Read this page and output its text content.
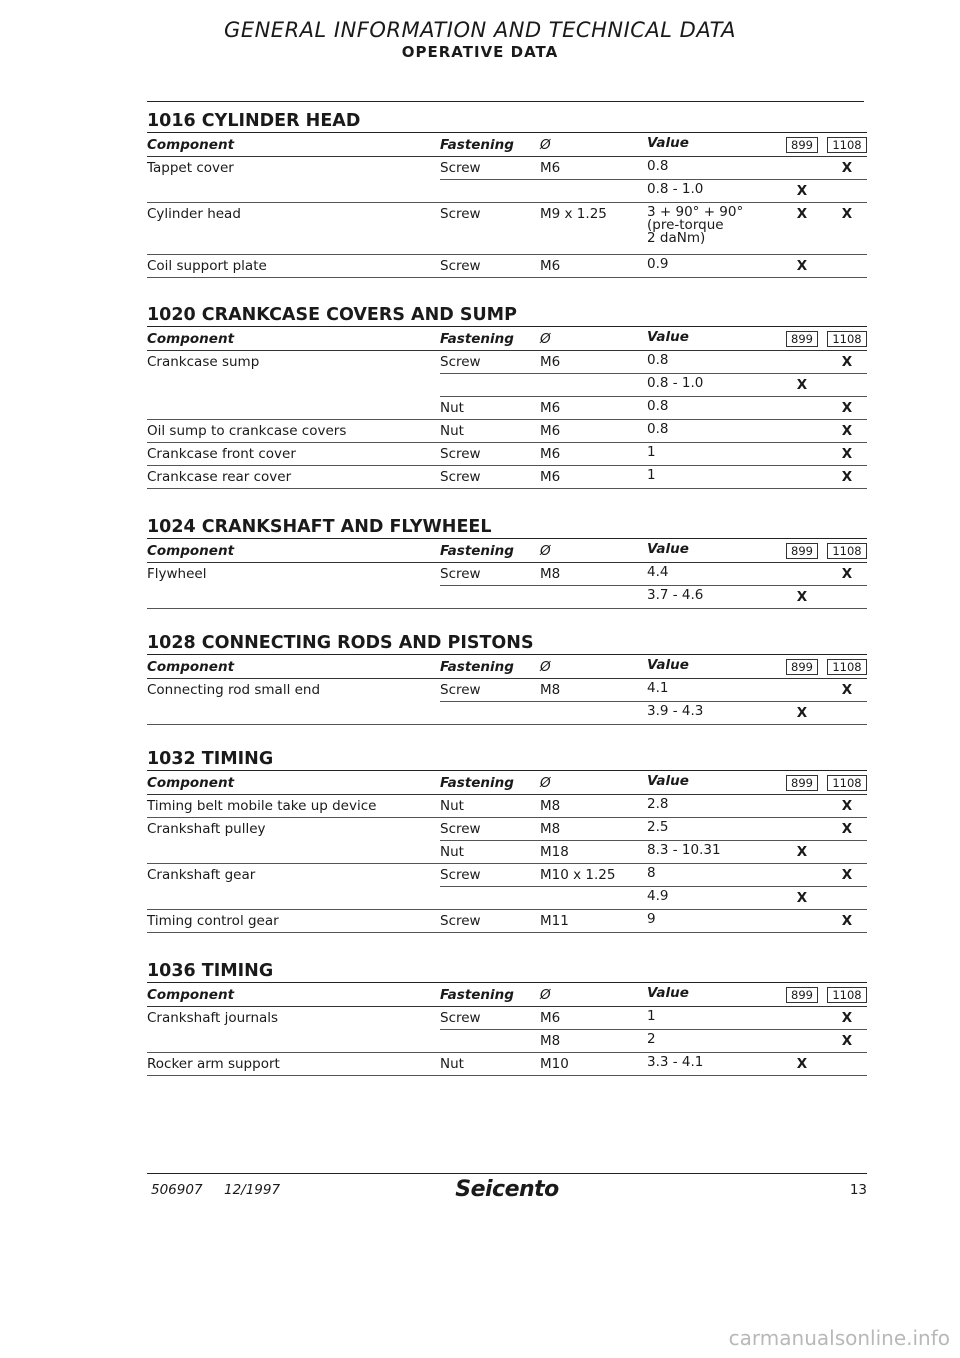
GENERAL INFORMATION AND TECHNICAL DATA
OPERATIVE DATA
1016 CYLINDER HEAD
Component	Fastening	Ø	Value	899	1108
Tappet cover	Screw	M6	0.8		X
			0.8 - 1.0	X	
Cylinder head	Screw	M9 x 1.25	3 + 90° + 90°
(pre-torque
2 daNm)	X	X
Coil support plate	Screw	M6	0.9	X	
1020 CRANKCASE COVERS AND SUMP
Component	Fastening	Ø	Value	899	1108
Crankcase sump	Screw	M6	0.8		X
			0.8 - 1.0	X	
	Nut	M6	0.8		X
Oil sump to crankcase covers	Nut	M6	0.8		X
Crankcase front cover	Screw	M6	1		X
Crankcase rear cover	Screw	M6	1		X
1024 CRANKSHAFT AND FLYWHEEL
Component	Fastening	Ø	Value	899	1108
Flywheel	Screw	M8	4.4		X
			3.7 - 4.6	X	
1028 CONNECTING RODS AND PISTONS
Component	Fastening	Ø	Value	899	1108
Connecting rod small end	Screw	M8	4.1		X
			3.9 - 4.3	X	
1032 TIMING
Component	Fastening	Ø	Value	899	1108
Timing belt mobile take up device	Nut	M8	2.8		X
Crankshaft pulley	Screw	M8	2.5		X
	Nut	M18	8.3 - 10.31	X	
Crankshaft gear	Screw	M10 x 1.25	8		X
			4.9	X	
Timing control gear	Screw	M11	9		X
1036 TIMING
Component	Fastening	Ø	Value	899	1108
Crankshaft journals	Screw	M6	1		X
		M8	2		X
Rocker arm support	Nut	M10	3.3 - 4.1	X	
506907     12/1997	Seicento	13
carmanualsonline.info
